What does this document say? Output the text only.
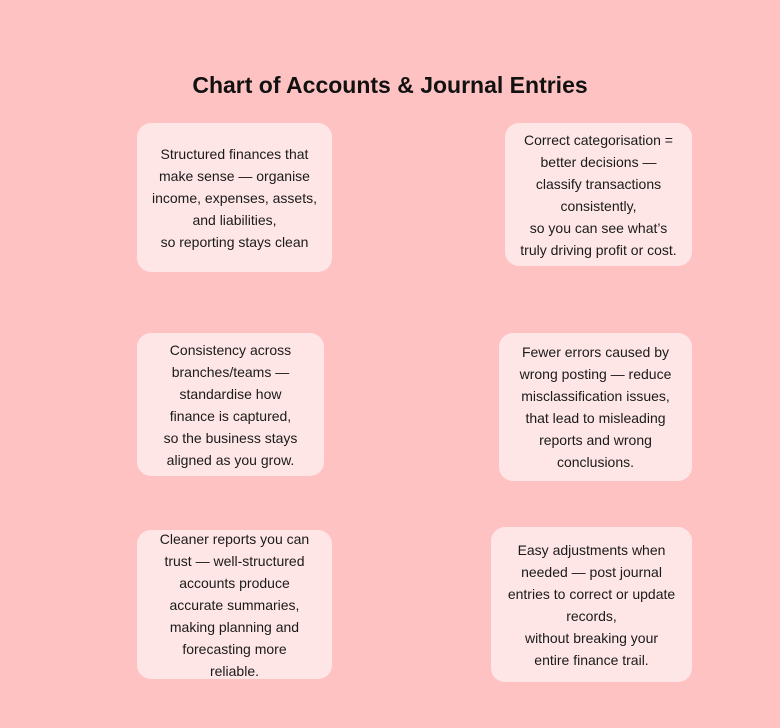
Chart of Accounts & Journal Entries
Structured finances that
make sense — organise
income, expenses, assets,
and liabilities,
so reporting stays clean
Correct categorisation =
better decisions —
classify transactions
consistently,
so you can see what’s
truly driving profit or cost.
Consistency across
branches/teams —
standardise how
finance is captured,
so the business stays
aligned as you grow.
Fewer errors caused by
wrong posting — reduce
misclassification issues,
that lead to misleading
reports and wrong
conclusions.
Cleaner reports you can
trust — well-structured
accounts produce
accurate summaries,
making planning and
forecasting more
reliable.
Easy adjustments when
needed — post journal
entries to correct or update
records,
without breaking your
entire finance trail.
